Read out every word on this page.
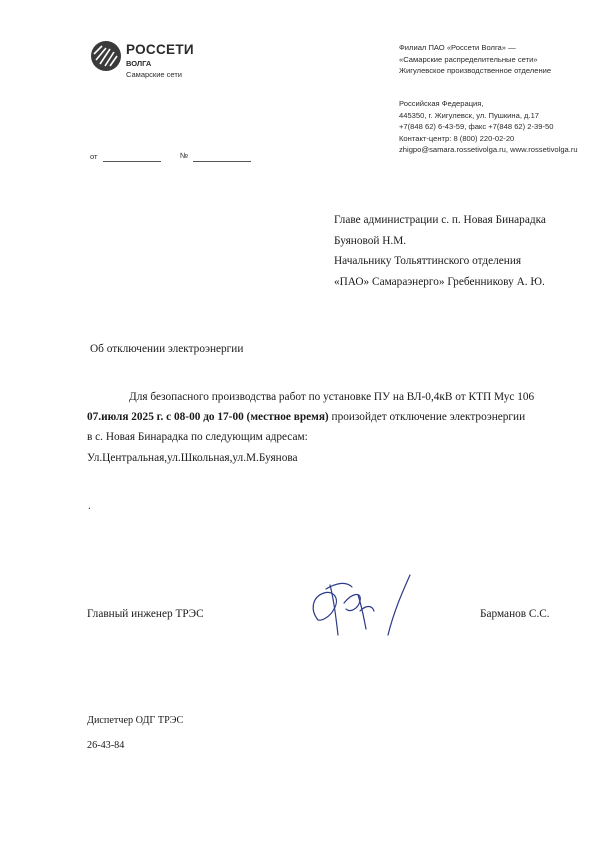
РОССЕТИ
ВОЛГА
Самарские сети
Филиал ПАО «Россети Волга» —
«Самарские распределительные сети»
Жигулевское производственное отделение
Российская Федерация,
445350, г. Жигулевск, ул. Пушкина, д.17
+7(848 62) 6-43-59, факс +7(848 62) 2-39-50
Контакт-центр: 8 (800) 220-02-20
zhigpo@samara.rossetivolga.ru, www.rossetivolga.ru
от	№
Главе администрации с. п. Новая Бинарадка
Буяновой Н.М.
Начальнику Тольяттинского отделения
«ПАО» Самараэнерго» Гребенникову А. Ю.
Об отключении электроэнергии
Для безопасного производства работ по установке ПУ на ВЛ-0,4кВ от КТП Мус 106
07.июля 2025 г. с 08-00 до 17-00 (местное время) произойдет отключение электроэнергии
в с. Новая Бинарадка по следующим адресам:
Ул.Центральная,ул.Школьная,ул.М.Буянова
.
Главный инженер ТРЭС	Барманов С.С.
Диспетчер ОДГ ТРЭС
26-43-84
